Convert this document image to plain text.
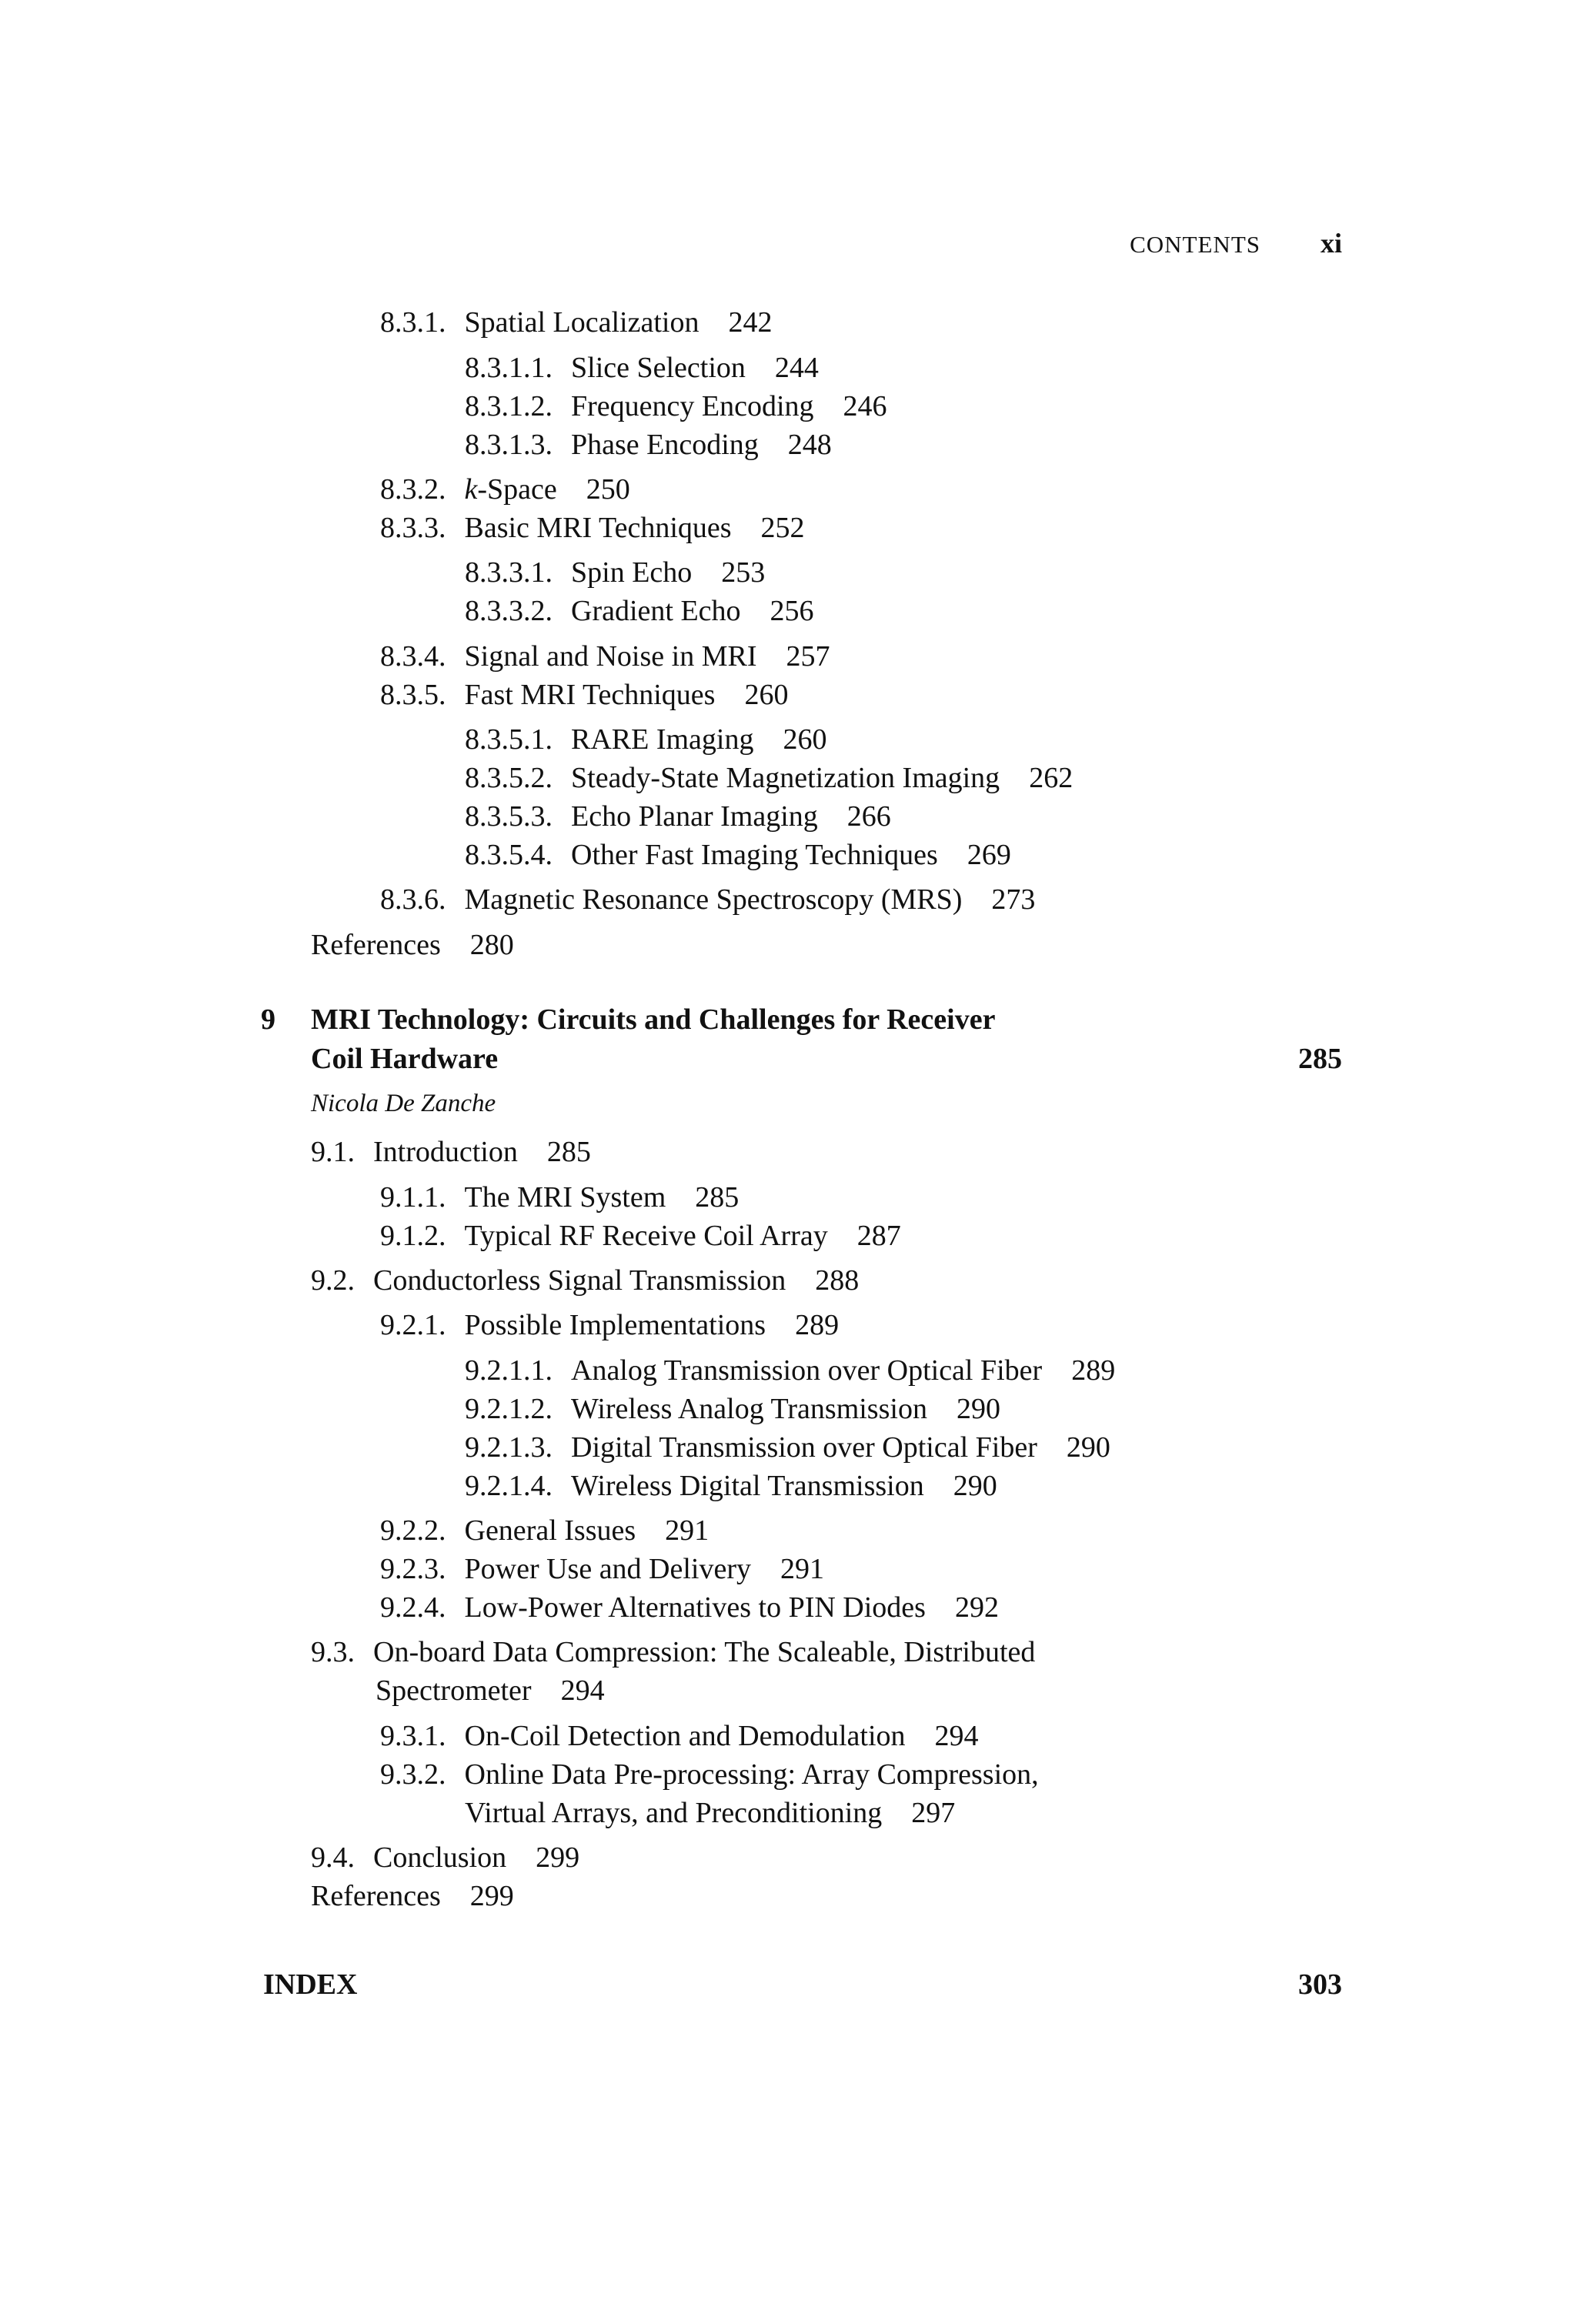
CONTENTS xi
8.3.1. Spatial Localization 242
8.3.1.1. Slice Selection 244
8.3.1.2. Frequency Encoding 246
8.3.1.3. Phase Encoding 248
8.3.2. k-Space 250
8.3.3. Basic MRI Techniques 252
8.3.3.1. Spin Echo 253
8.3.3.2. Gradient Echo 256
8.3.4. Signal and Noise in MRI 257
8.3.5. Fast MRI Techniques 260
8.3.5.1. RARE Imaging 260
8.3.5.2. Steady-State Magnetization Imaging 262
8.3.5.3. Echo Planar Imaging 266
8.3.5.4. Other Fast Imaging Techniques 269
8.3.6. Magnetic Resonance Spectroscopy (MRS) 273
References 280
9 MRI Technology: Circuits and Challenges for Receiver
Coil Hardware	285
Nicola De Zanche
9.1. Introduction 285
9.1.1. The MRI System 285
9.1.2. Typical RF Receive Coil Array 287
9.2. Conductorless Signal Transmission 288
9.2.1. Possible Implementations 289
9.2.1.1. Analog Transmission over Optical Fiber 289
9.2.1.2. Wireless Analog Transmission 290
9.2.1.3. Digital Transmission over Optical Fiber 290
9.2.1.4. Wireless Digital Transmission 290
9.2.2. General Issues 291
9.2.3. Power Use and Delivery 291
9.2.4. Low-Power Alternatives to PIN Diodes 292
9.3. On-board Data Compression: The Scaleable, Distributed
Spectrometer 294
9.3.1. On-Coil Detection and Demodulation 294
9.3.2. Online Data Pre-processing: Array Compression,
Virtual Arrays, and Preconditioning 297
9.4. Conclusion 299
References 299
INDEX	303
